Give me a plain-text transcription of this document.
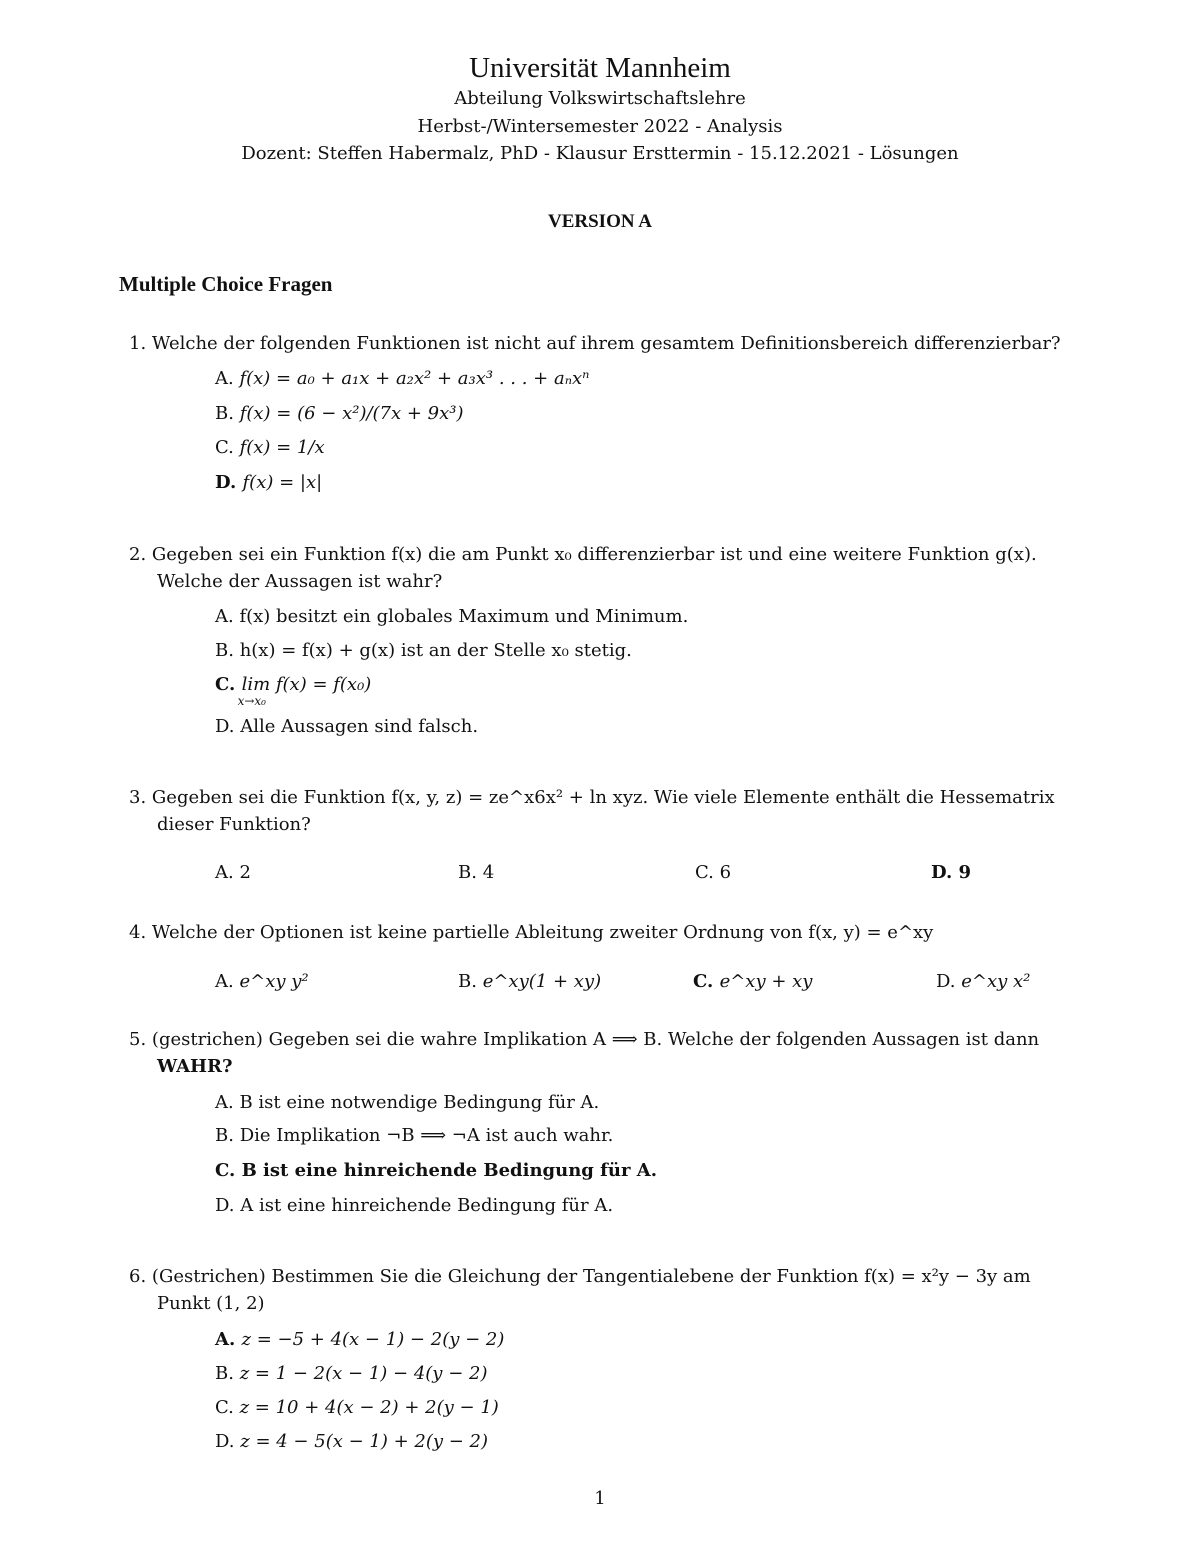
Universität Mannheim
Abteilung Volkswirtschaftslehre
Herbst-/Wintersemester 2022 - Analysis
Dozent: Steffen Habermalz, PhD - Klausur Ersttermin - 15.12.2021 - Lösungen
VERSION A
Multiple Choice Fragen
1. Welche der folgenden Funktionen ist nicht auf ihrem gesamtem Definitionsbereich differenzierbar?
A. f(x) = a₀ + a₁x + a₂x² + a₃x³ . . . + aₙxⁿ
B. f(x) = (6 − x²)/(7x + 9x³)
C. f(x) = 1/x
D. f(x) = |x|
2. Gegeben sei ein Funktion f(x) die am Punkt x₀ differenzierbar ist und eine weitere Funktion g(x).
Welche der Aussagen ist wahr?
A. f(x) besitzt ein globales Maximum und Minimum.
B. h(x) = f(x) + g(x) ist an der Stelle x₀ stetig.
C. lim f(x) = f(x₀)
x→x₀
D. Alle Aussagen sind falsch.
3. Gegeben sei die Funktion f(x, y, z) = ze^x6x² + ln xyz. Wie viele Elemente enthält die Hessematrix
dieser Funktion?
A. 2	B. 4	C. 6	D. 9
4. Welche der Optionen ist keine partielle Ableitung zweiter Ordnung von f(x, y) = e^xy
A. e^xy y²	B. e^xy(1 + xy)	C. e^xy + xy	D. e^xy x²
5. (gestrichen) Gegeben sei die wahre Implikation A ⟹ B. Welche der folgenden Aussagen ist dann
WAHR?
A. B ist eine notwendige Bedingung für A.
B. Die Implikation ¬B ⟹ ¬A ist auch wahr.
C. B ist eine hinreichende Bedingung für A.
D. A ist eine hinreichende Bedingung für A.
6. (Gestrichen) Bestimmen Sie die Gleichung der Tangentialebene der Funktion f(x) = x²y − 3y am
Punkt (1, 2)
A. z = −5 + 4(x − 1) − 2(y − 2)
B. z = 1 − 2(x − 1) − 4(y − 2)
C. z = 10 + 4(x − 2) + 2(y − 1)
D. z = 4 − 5(x − 1) + 2(y − 2)
1
